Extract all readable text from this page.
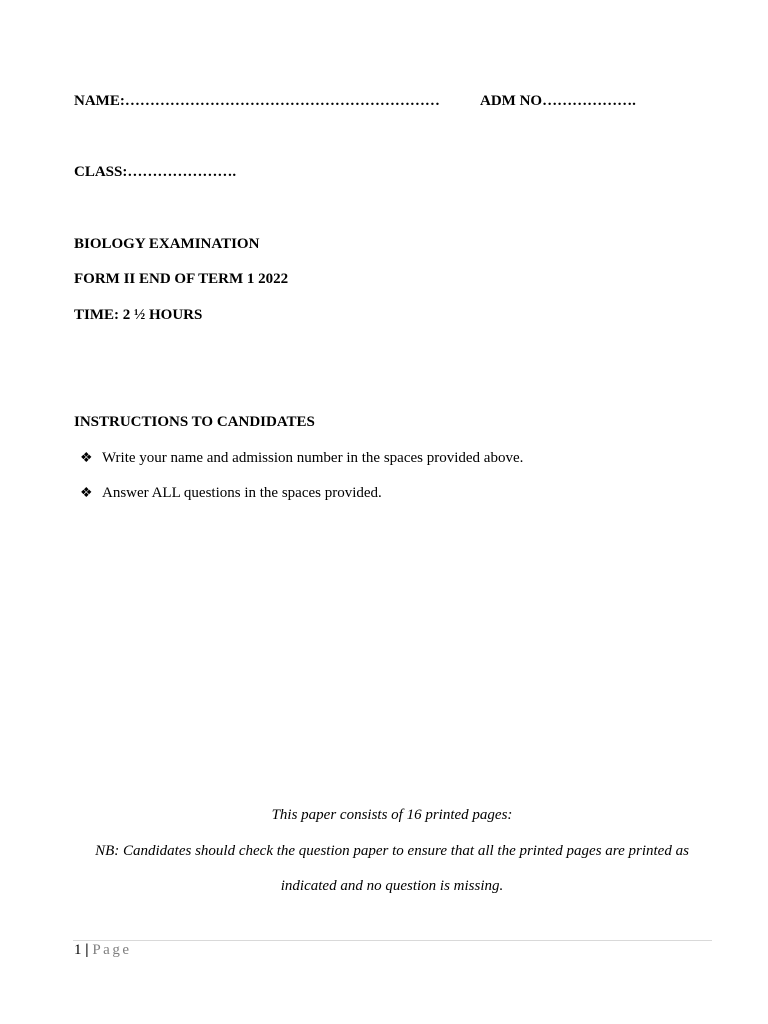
NAME:………………………………………………………	ADM NO……………….
CLASS:………………….
BIOLOGY EXAMINATION
FORM II END OF TERM 1 2022
TIME: 2 ½ HOURS
INSTRUCTIONS TO CANDIDATES
❖ Write your name and admission number in the spaces provided above.
❖ Answer ALL questions in the spaces provided.
This paper consists of 16 printed pages:
NB: Candidates should check the question paper to ensure that all the printed pages are printed as
indicated and no question is missing.
1 | Page
